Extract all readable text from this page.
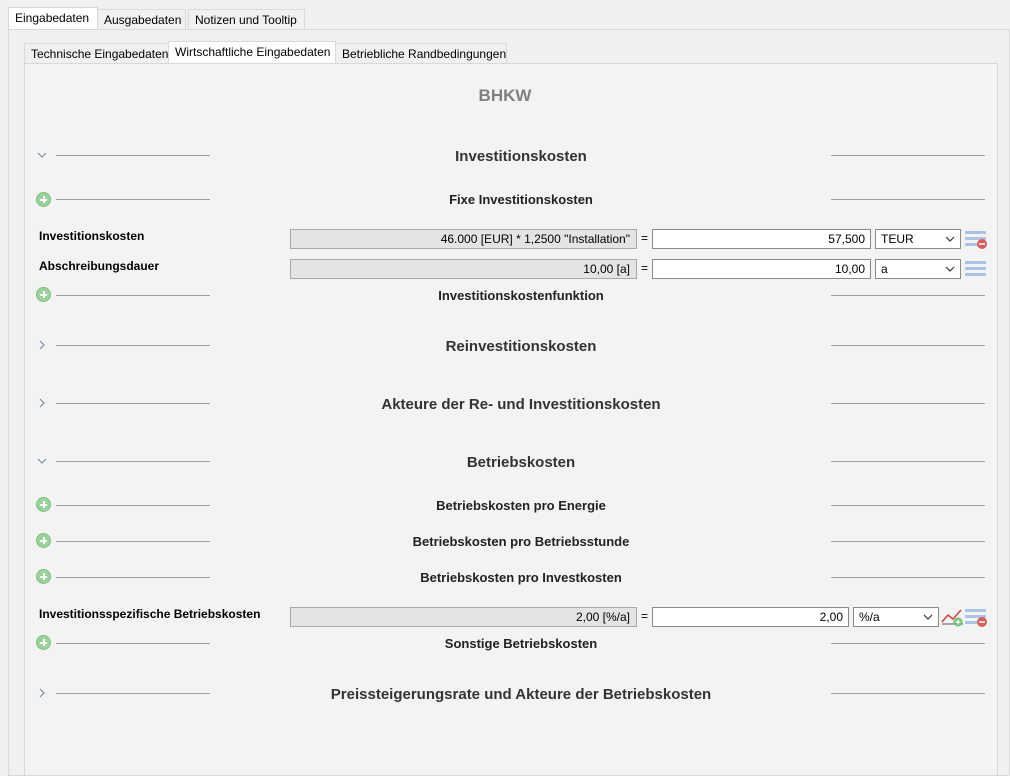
Eingabedaten	Ausgabedaten	Notizen und Tooltip
Technische Eingabedaten Wirtschaftliche Eingabedaten Betriebliche Randbedingungen
BHKW
Investitionskosten
Fixe Investitionskosten
Investitionskosten	46.000 [EUR] * 1,2500 "Installation" =	57,500	TEUR
Abschreibungsdauer	10,00 [a] =	10,00	a
Investitionskostenfunktion
Reinvestitionskosten
Akteure der Re- und Investitionskosten
Betriebskosten
Betriebskosten pro Energie
Betriebskosten pro Betriebsstunde
Betriebskosten pro Investkosten
Investitionsspezifische Betriebskosten	2,00 [%/a] =	2,00	%/a
Sonstige Betriebskosten
Preissteigerungsrate und Akteure der Betriebskosten
